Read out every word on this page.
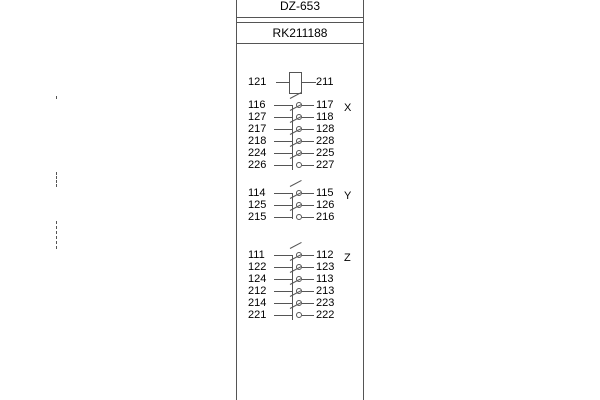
DZ-653
RK211188
121	211
116	117
127	118
217	128
218	228
224	225
226	227
X
114	115
125	126
215	216
Y
111	112
122	123
124	113
212	213
214	223
221	222
Z
